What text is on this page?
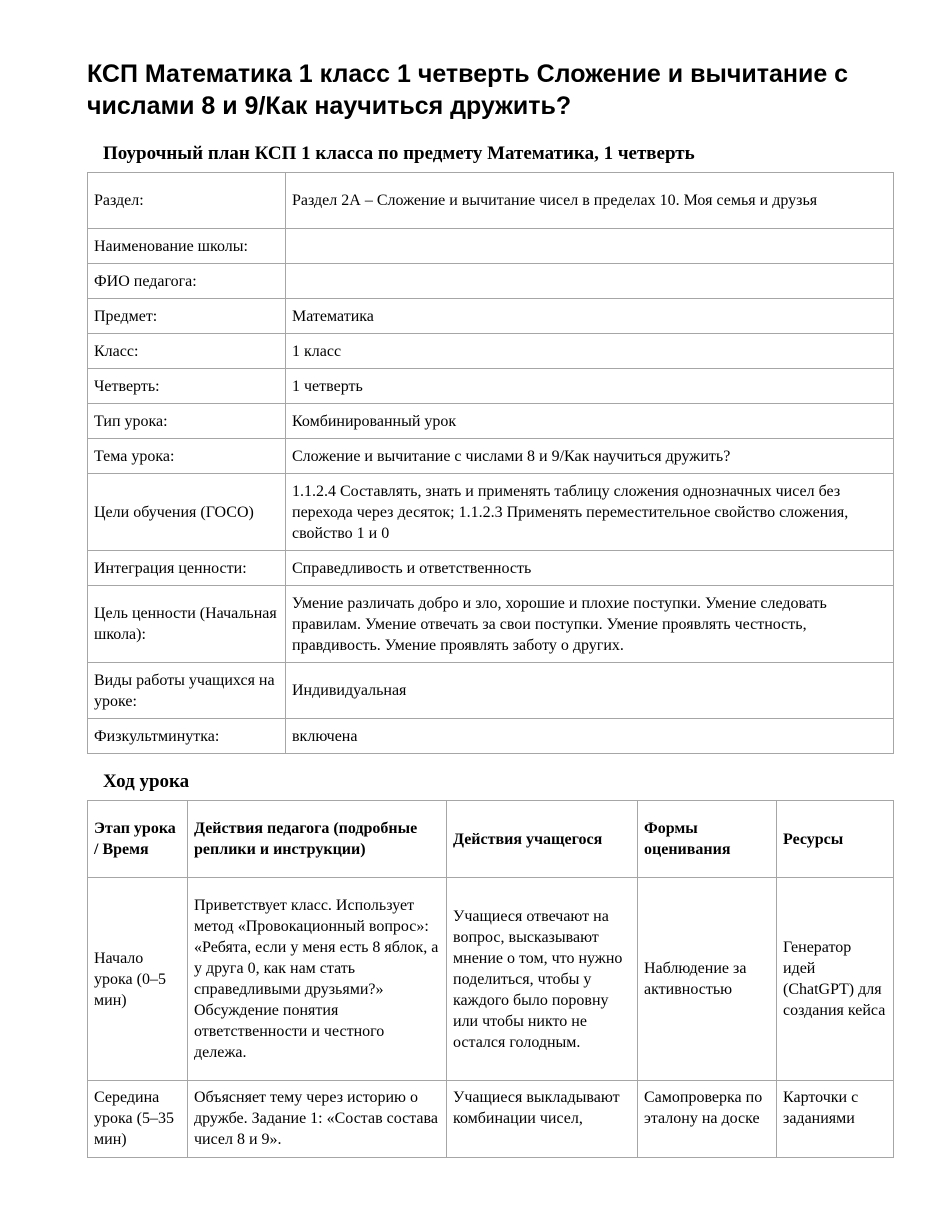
КСП Математика 1 класс 1 четверть Сложение и вычитание с числами 8 и 9/Как научиться дружить?
Поурочный план КСП 1 класса по предмету Математика, 1 четверть
Раздел:	Раздел 2А – Сложение и вычитание чисел в пределах 10. Моя семья и друзья
Наименование школы:	
ФИО педагога:	
Предмет:	Математика
Класс:	1 класс
Четверть:	1 четверть
Тип урока:	Комбинированный урок
Тема урока:	Сложение и вычитание с числами 8 и 9/Как научиться дружить?
Цели обучения (ГОСО)	1.1.2.4 Составлять, знать и применять таблицу сложения однозначных чисел без перехода через десяток; 1.1.2.3 Применять переместительное свойство сложения, свойство 1 и 0
Интеграция ценности:	Справедливость и ответственность
Цель ценности (Начальная школа):	Умение различать добро и зло, хорошие и плохие поступки. Умение следовать правилам. Умение отвечать за свои поступки. Умение проявлять честность, правдивость. Умение проявлять заботу о других.
Виды работы учащихся на уроке:	Индивидуальная
Физкультминутка:	включена
Ход урока
Этап урока / Время	Действия педагога (подробные реплики и инструкции)	Действия учащегося	Формы оценивания	Ресурсы
Начало урока (0–5 мин)	Приветствует класс. Использует метод «Провокационный вопрос»: «Ребята, если у меня есть 8 яблок, а у друга 0, как нам стать справедливыми друзьями?» Обсуждение понятия ответственности и честного дележа.	Учащиеся отвечают на вопрос, высказывают мнение о том, что нужно поделиться, чтобы у каждого было поровну или чтобы никто не остался голодным.	Наблюдение за активностью	Генератор идей (ChatGPT) для создания кейса
Середина урока (5–35 мин)	Объясняет тему через историю о дружбе. Задание 1: «Состав состава чисел 8 и 9».	Учащиеся выкладывают комбинации чисел,	Самопроверка по эталону на доске	Карточки с заданиями
